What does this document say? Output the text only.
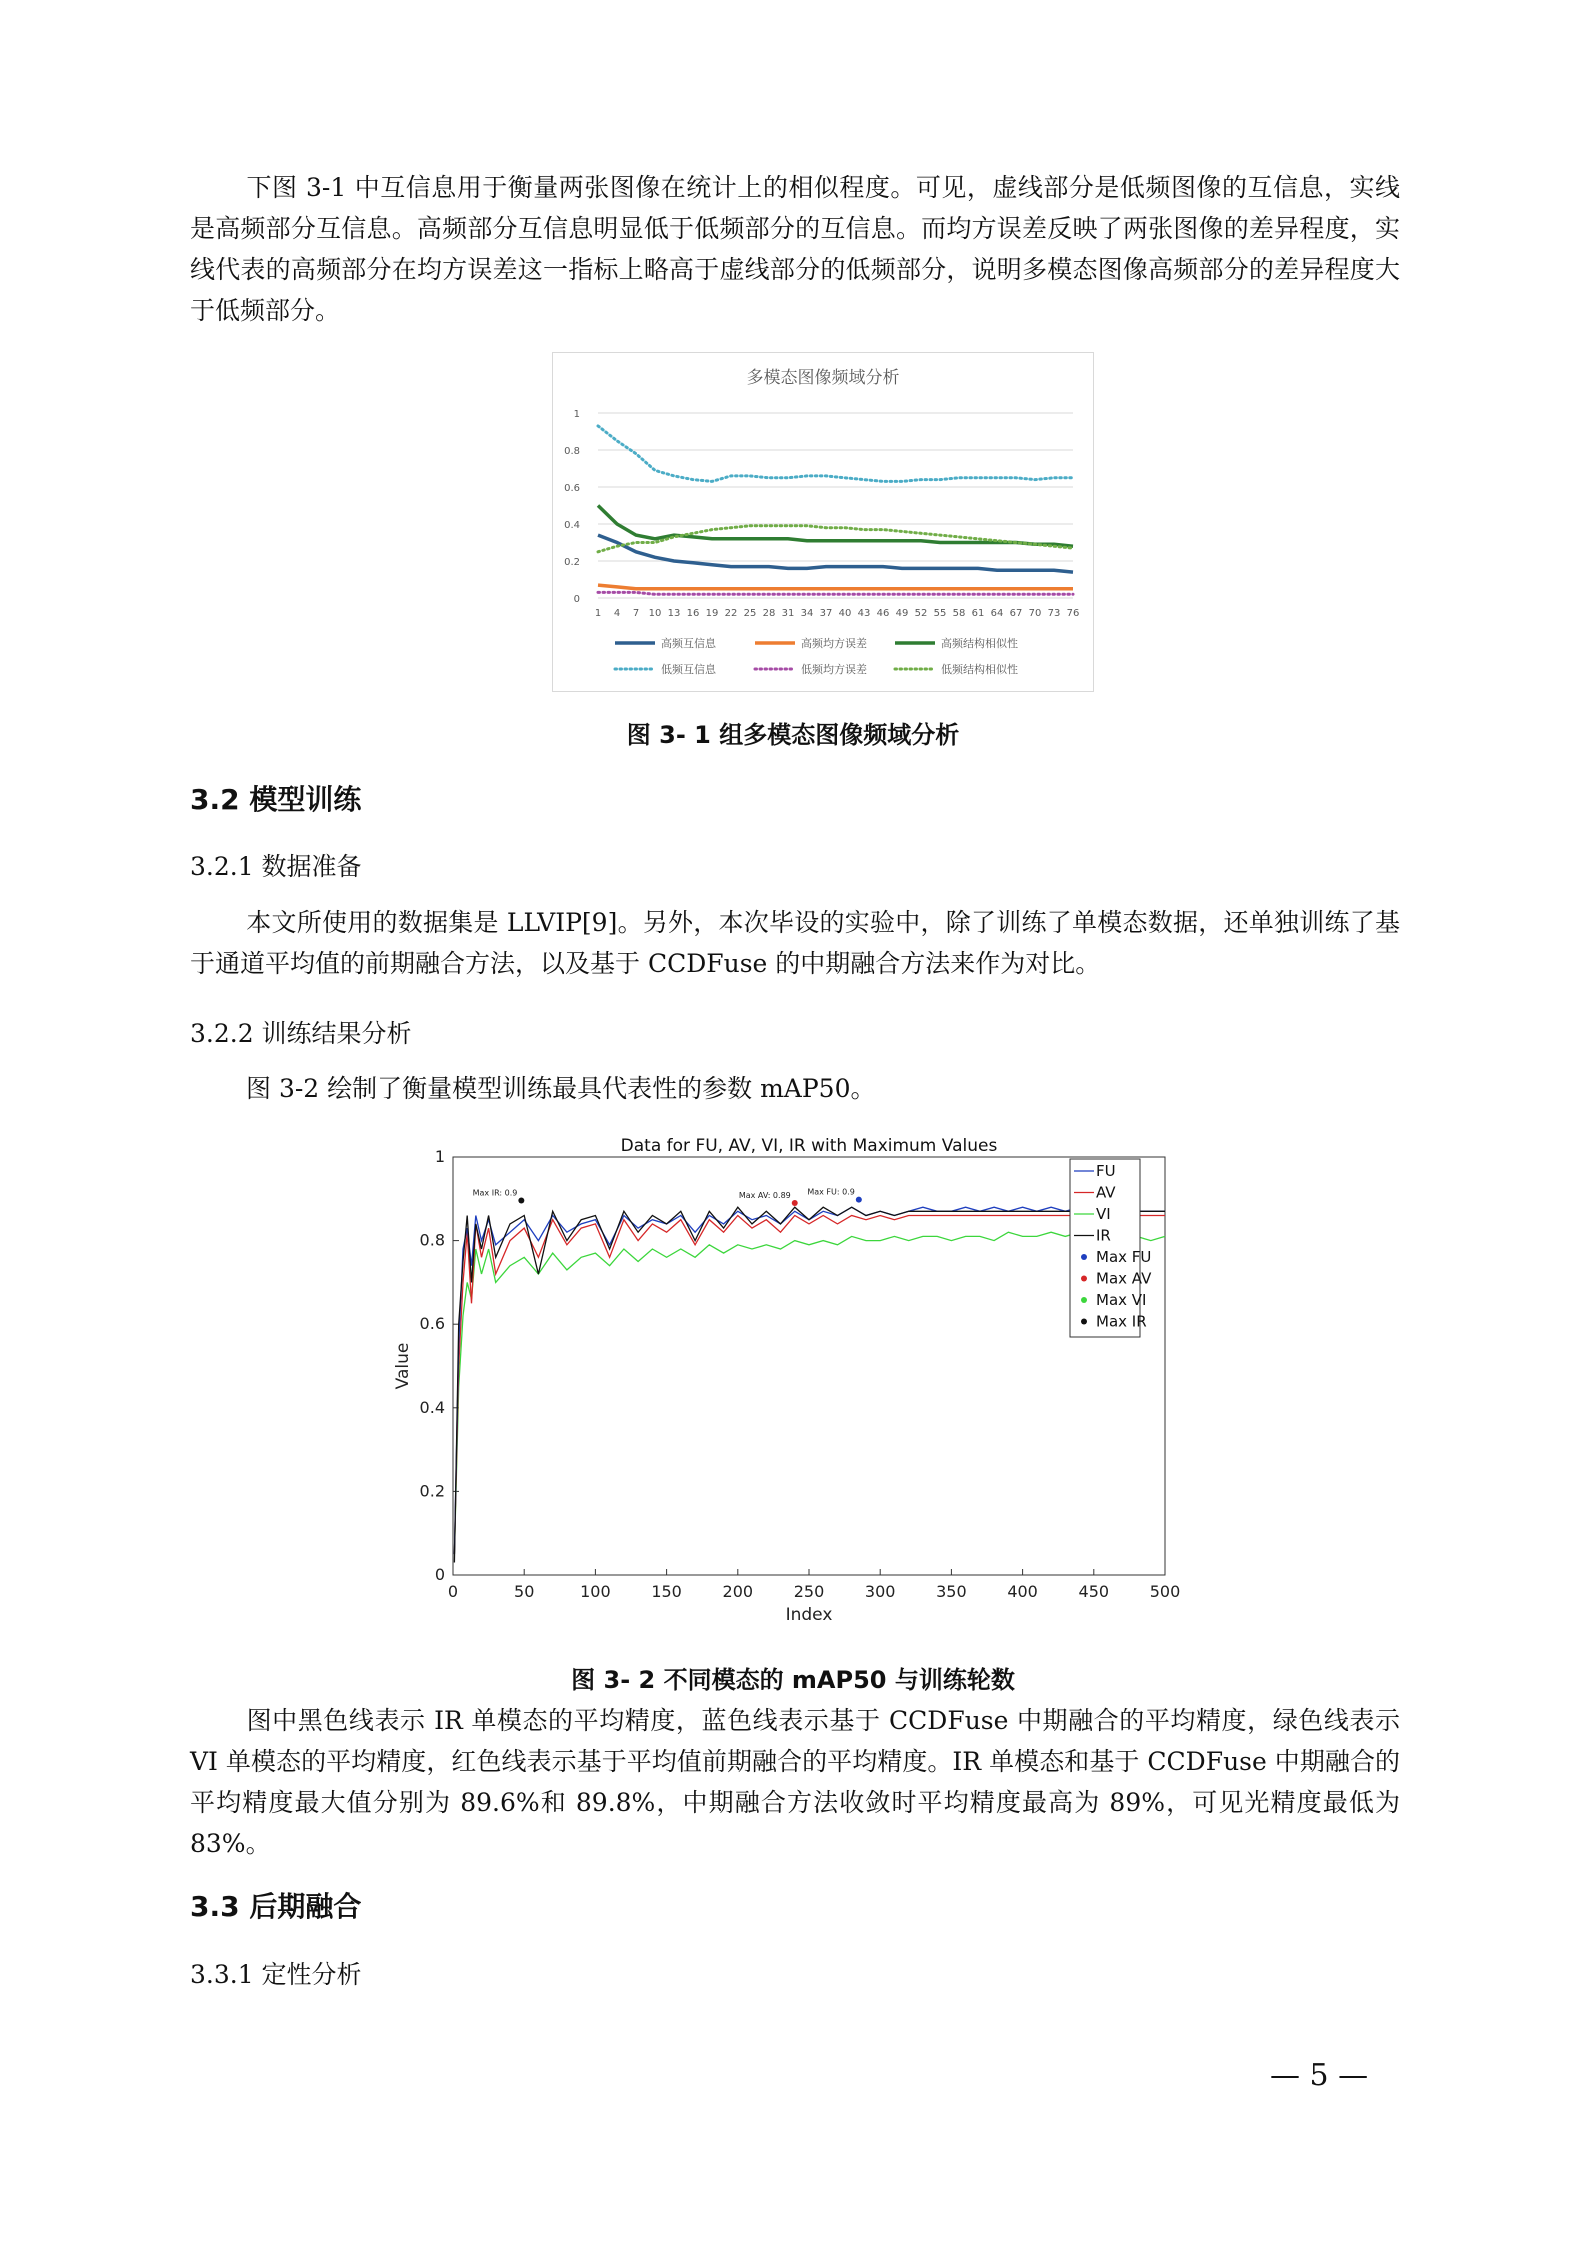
下图 3-1 中互信息用于衡量两张图像在统计上的相似程度。可见，虚线部分是低频图像的互信息，实线是高频部分互信息。高频部分互信息明显低于低频部分的互信息。而均方误差反映了两张图像的差异程度，实线代表的高频部分在均方误差这一指标上略高于虚线部分的低频部分，说明多模态图像高频部分的差异程度大于低频部分。

多模态图像频域分析
0
0.2
0.4
0.6
0.8
1
1 4 7 10 13 16 19 22 25 28 31 34 37 40 43 46 49 52 55 58 61 64 67 70 73 76
高频互信息	高频均方误差	高频结构相似性
低频互信息	低频均方误差	低频结构相似性

图 3- 1 组多模态图像频域分析

3.2 模型训练

3.2.1 数据准备

本文所使用的数据集是 LLVIP[9]。另外，本次毕设的实验中，除了训练了单模态数据，还单独训练了基于通道平均值的前期融合方法，以及基于 CCDFuse 的中期融合方法来作为对比。

3.2.2 训练结果分析

图 3-2 绘制了衡量模型训练最具代表性的参数 mAP50。

Data for FU, AV, VI, IR with Maximum Values
0	50	100	150	200	250	300	350	400	450	500
0
0.2
0.4
0.6
0.8
1
Index
Value
Max FU: 0.9
Max AV: 0.89
Max IR: 0.9
FU
AV
VI
IR
Max FU
Max AV
Max VI
Max IR

图 3- 2 不同模态的 mAP50 与训练轮数

图中黑色线表示 IR 单模态的平均精度，蓝色线表示基于 CCDFuse 中期融合的平均精度，绿色线表示 VI 单模态的平均精度，红色线表示基于平均值前期融合的平均精度。IR 单模态和基于 CCDFuse 中期融合的平均精度最大值分别为 89.6%和 89.8%，中期融合方法收敛时平均精度最高为 89%，可见光精度最低为 83%。

3.3 后期融合

3.3.1 定性分析

— 5 —
